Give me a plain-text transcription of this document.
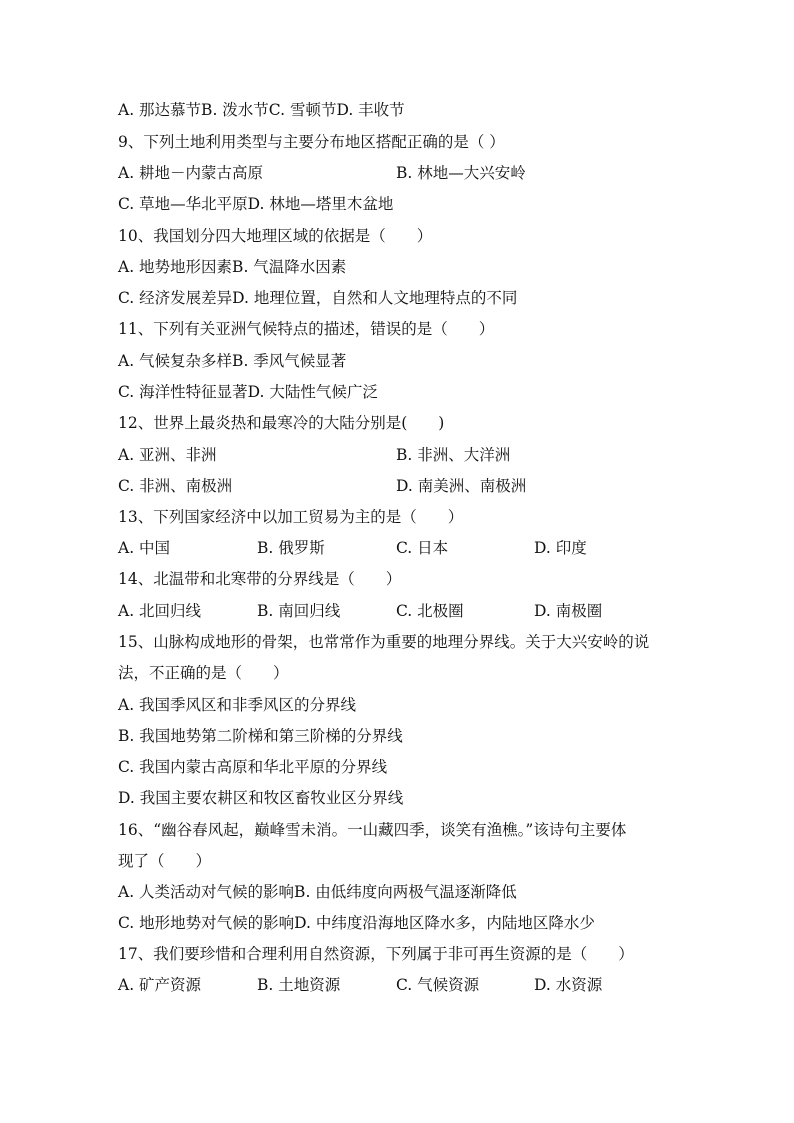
A. 那达慕节B. 泼水节C. 雪顿节D. 丰收节
9、下列土地利用类型与主要分布地区搭配正确的是（ ）
A. 耕地－内蒙古高原	B. 林地—大兴安岭
C. 草地—华北平原D. 林地—塔里木盆地
10、我国划分四大地理区域的依据是（　　）
A. 地势地形因素B. 气温降水因素
C. 经济发展差异D. 地理位置，自然和人文地理特点的不同
11、下列有关亚洲气候特点的描述，错误的是（　　）
A. 气候复杂多样B. 季风气候显著
C. 海洋性特征显著D. 大陆性气候广泛
12、世界上最炎热和最寒冷的大陆分别是(　　)
A. 亚洲、非洲	B. 非洲、大洋洲
C. 非洲、南极洲	D. 南美洲、南极洲
13、下列国家经济中以加工贸易为主的是（　　）
A. 中国	B. 俄罗斯	C. 日本	D. 印度
14、北温带和北寒带的分界线是（　　）
A. 北回归线	B. 南回归线	C. 北极圈	D. 南极圈
15、山脉构成地形的骨架，也常常作为重要的地理分界线。关于大兴安岭的说
法，不正确的是（　　）
A. 我国季风区和非季风区的分界线
B. 我国地势第二阶梯和第三阶梯的分界线
C. 我国内蒙古高原和华北平原的分界线
D. 我国主要农耕区和牧区畜牧业区分界线
16、“幽谷春风起，巅峰雪未消。一山藏四季，谈笑有渔樵。”该诗句主要体
现了（　　）
A. 人类活动对气候的影响B. 由低纬度向两极气温逐渐降低
C. 地形地势对气候的影响D. 中纬度沿海地区降水多，内陆地区降水少
17、我们要珍惜和合理利用自然资源，下列属于非可再生资源的是（　　）
A. 矿产资源	B. 土地资源	C. 气候资源	D. 水资源
